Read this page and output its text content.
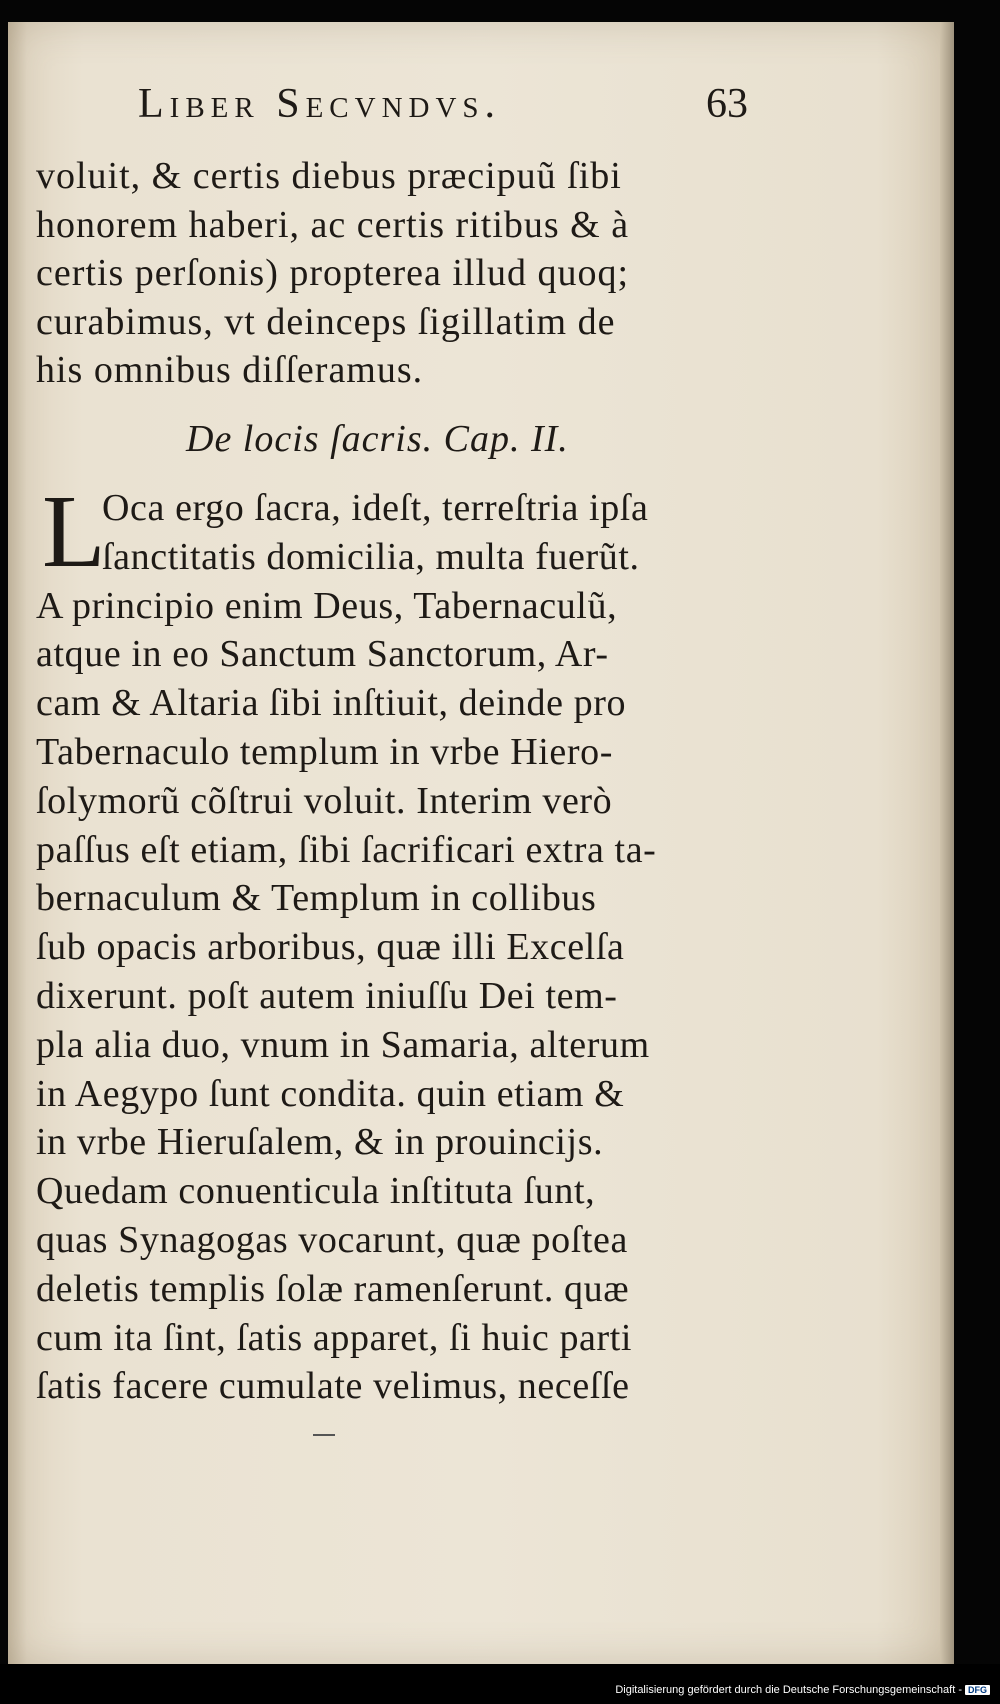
Liber Secvndvs.	63
voluit, & certis diebus præcipuũ ſibi
honorem haberi, ac certis ritibus & à
certis perſonis) propterea illud quoq;
curabimus, vt deinceps ſigillatim de
his omnibus diſſeramus.
De locis ſacris. Cap. II.
L
Oca ergo ſacra, ideſt, terreſtria ipſa
ſanctitatis domicilia, multa fuerũt.
A principio enim Deus, Tabernaculũ,
atque in eo Sanctum Sanctorum, Ar-
cam & Altaria ſibi inſtiuit, deinde pro
Tabernaculo templum in vrbe Hiero-
ſolymorũ cõſtrui voluit. Interim verò
paſſus eſt etiam, ſibi ſacrificari extra ta-
bernaculum & Templum in collibus
ſub opacis arboribus, quæ illi Excelſa
dixerunt. poſt autem iniuſſu Dei tem-
pla alia duo, vnum in Samaria, alterum
in Aegypo ſunt condita. quin etiam &
in vrbe Hieruſalem, & in prouincijs.
Quedam conuenticula inſtituta ſunt,
quas Synagogas vocarunt, quæ poſtea
deletis templis ſolæ ramenſerunt. quæ
cum ita ſint, ſatis apparet, ſi huic parti
ſatis facere cumulate velimus, neceſſe
Digitalisierung gefördert durch die Deutsche Forschungsgemeinschaft - DFG
